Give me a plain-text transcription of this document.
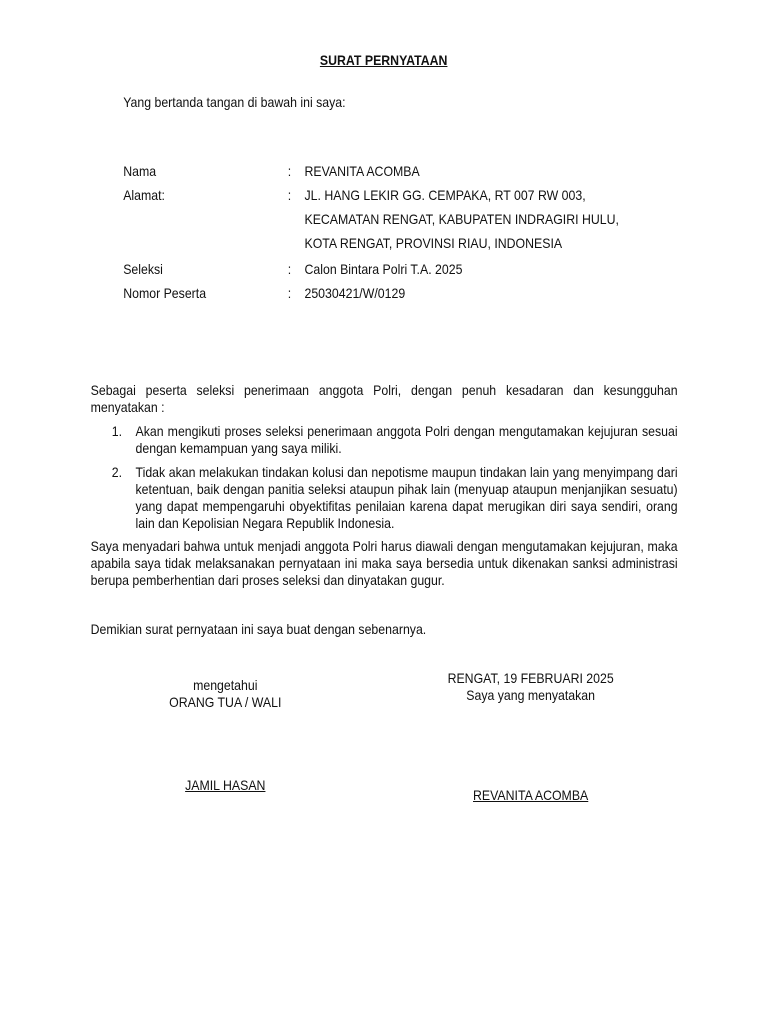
SURAT PERNYATAAN
Yang bertanda tangan di bawah ini saya:
Nama	: REVANITA ACOMBA
Alamat:	: JL. HANG LEKIR GG. CEMPAKA, RT 007 RW 003,
KECAMATAN RENGAT, KABUPATEN INDRAGIRI HULU,
KOTA RENGAT, PROVINSI RIAU, INDONESIA
Seleksi	: Calon Bintara Polri T.A. 2025
Nomor Peserta	: 25030421/W/0129
Sebagai peserta seleksi penerimaan anggota Polri, dengan penuh kesadaran dan kesungguhan menyatakan :
1. Akan mengikuti proses seleksi penerimaan anggota Polri dengan mengutamakan kejujuran sesuai dengan kemampuan yang saya miliki.
2. Tidak akan melakukan tindakan kolusi dan nepotisme maupun tindakan lain yang menyimpang dari ketentuan, baik dengan panitia seleksi ataupun pihak lain (menyuap ataupun menjanjikan sesuatu) yang dapat mempengaruhi obyektifitas penilaian karena dapat merugikan diri saya sendiri, orang lain dan Kepolisian Negara Republik Indonesia.
Saya menyadari bahwa untuk menjadi anggota Polri harus diawali dengan mengutamakan kejujuran, maka apabila saya tidak melaksanakan pernyataan ini maka saya bersedia untuk dikenakan sanksi administrasi berupa pemberhentian dari proses seleksi dan dinyatakan gugur.
Demikian surat pernyataan ini saya buat dengan sebenarnya.
mengetahui
ORANG TUA / WALI
RENGAT, 19 FEBRUARI 2025
Saya yang menyatakan
JAMIL HASAN
REVANITA ACOMBA
